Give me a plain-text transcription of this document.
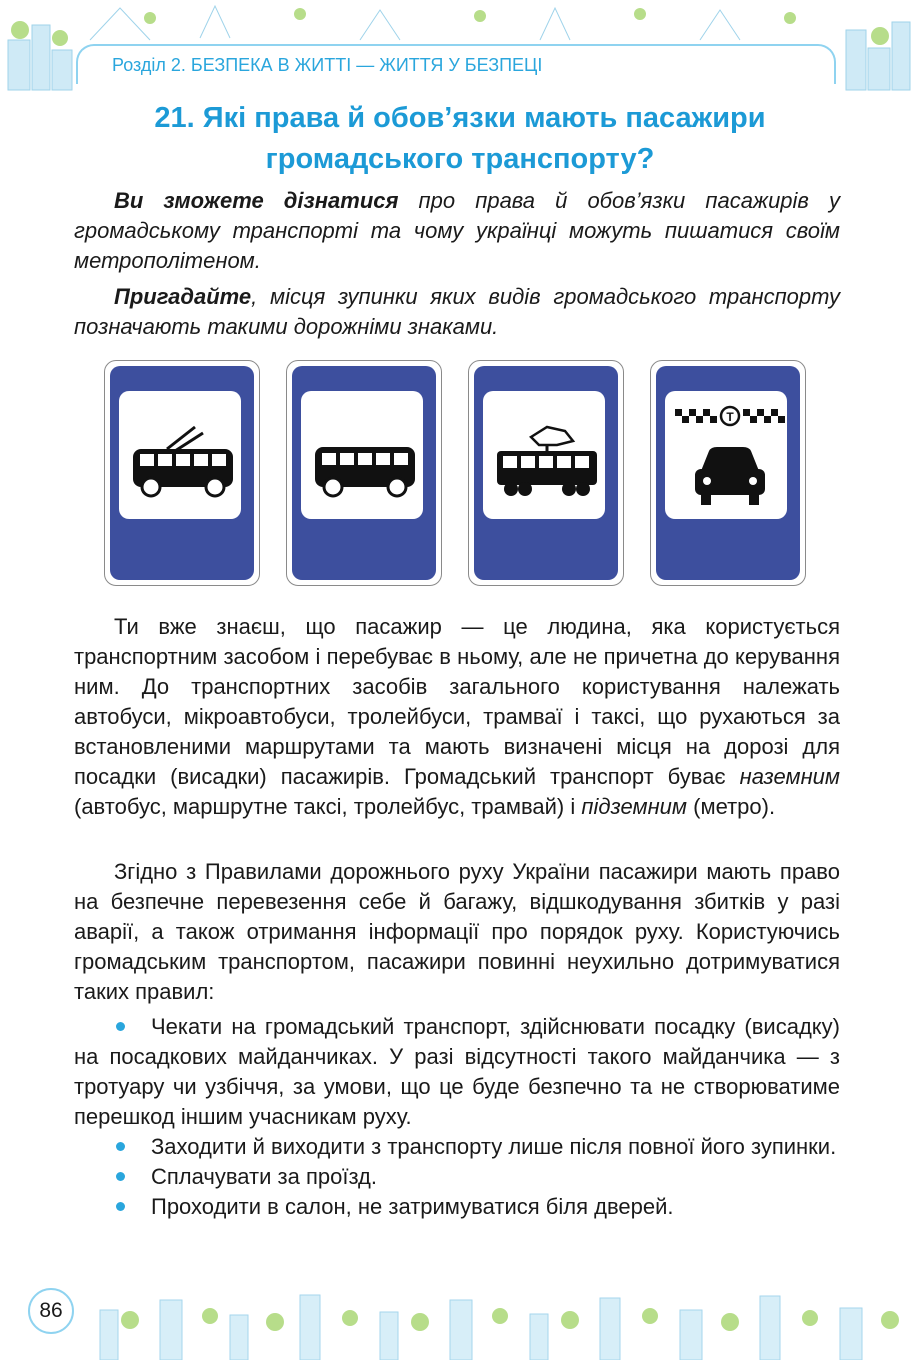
Розділ 2. БЕЗПЕКА В ЖИТТІ — ЖИТТЯ У БЕЗПЕЦІ
21. Які права й обов’язки мають пасажири
громадського транспорту?
Ви зможете дізнатися про права й обов’язки пасажирів у громадському транспорті та чому українці можуть пишатися своїм метрополітеном.
Пригадайте, місця зупинки яких видів громадського транспорту позначають такими дорожніми знаками.
T
Ти вже знаєш, що пасажир — це людина, яка користується транспортним засобом і перебуває в ньому, але не причетна до керування ним. До транспортних засобів загального користування належать автобуси, мікроавтобуси, тролейбуси, трамваї і таксі, що рухаються за встановленими маршрутами та мають визначені місця на дорозі для посадки (висадки) пасажирів. Громадський транспорт буває наземним (автобус, маршрутне таксі, тролейбус, трамвай) і підземним (метро).
Згідно з Правилами дорожнього руху України пасажири мають право на безпечне перевезення себе й багажу, відшкодування збитків у разі аварії, а також отримання інформації про порядок руху. Користуючись громадським транспортом, пасажири повинні неухильно дотримуватися таких правил:
Чекати на громадський транспорт, здійснювати посадку (висадку) на посадкових майданчиках. У разі відсутності такого майданчика — з тротуару чи узбіччя, за умови, що це буде безпечно та не створюватиме перешкод іншим учасникам руху.
Заходити й виходити з транспорту лише після повної його зупинки.
Сплачувати за проїзд.
Проходити в салон, не затримуватися біля дверей.
86
